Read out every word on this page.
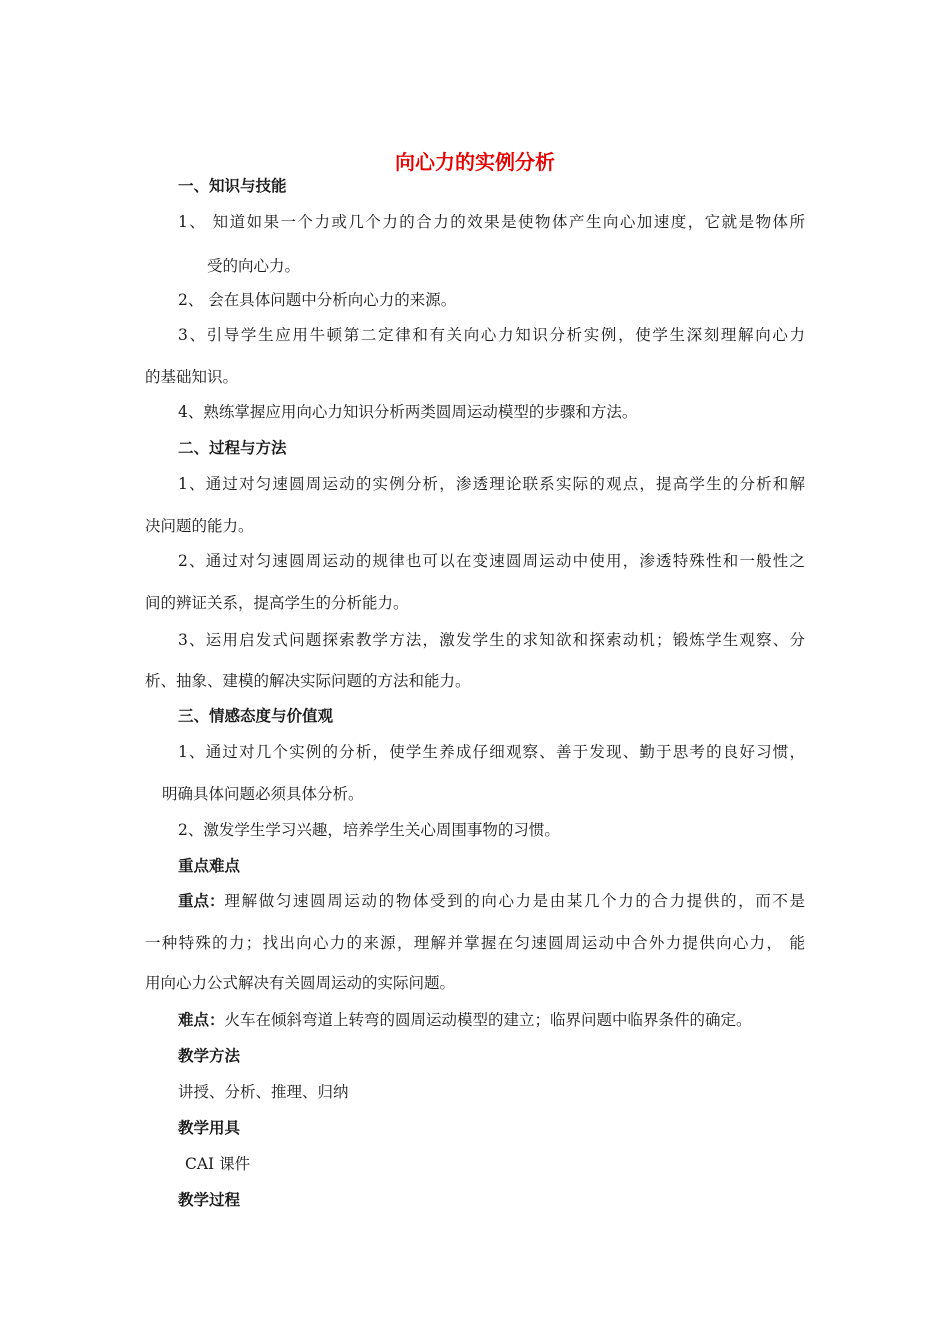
向心力的实例分析
一、知识与技能
1、 知道如果一个力或几个力的合力的效果是使物体产生向心加速度，它就是物体所
受的向心力。
2、 会在具体问题中分析向心力的来源。
3、引导学生应用牛顿第二定律和有关向心力知识分析实例，使学生深刻理解向心力
的基础知识。
4、熟练掌握应用向心力知识分析两类圆周运动模型的步骤和方法。
二、过程与方法
1、通过对匀速圆周运动的实例分析，渗透理论联系实际的观点，提高学生的分析和解
决问题的能力。
2、通过对匀速圆周运动的规律也可以在变速圆周运动中使用，渗透特殊性和一般性之
间的辨证关系，提高学生的分析能力。
3、运用启发式问题探索教学方法，激发学生的求知欲和探索动机；锻炼学生观察、分
析、抽象、建模的解决实际问题的方法和能力。
三、情感态度与价值观
1、通过对几个实例的分析，使学生养成仔细观察、善于发现、勤于思考的良好习惯，
明确具体问题必须具体分析。
2、激发学生学习兴趣，培养学生关心周围事物的习惯。
重点难点
重点： 理解做匀速圆周运动的物体受到的向心力是由某几个力的合力提供的，而不是
一种特殊的力；找出向心力的来源，理解并掌握在匀速圆周运动中合外力提供向心力， 能
用向心力公式解决有关圆周运动的实际问题。
难点：火车在倾斜弯道上转弯的圆周运动模型的建立；临界问题中临界条件的确定。
教学方法
讲授、分析、推理、归纳
教学用具
CAI 课件
教学过程
